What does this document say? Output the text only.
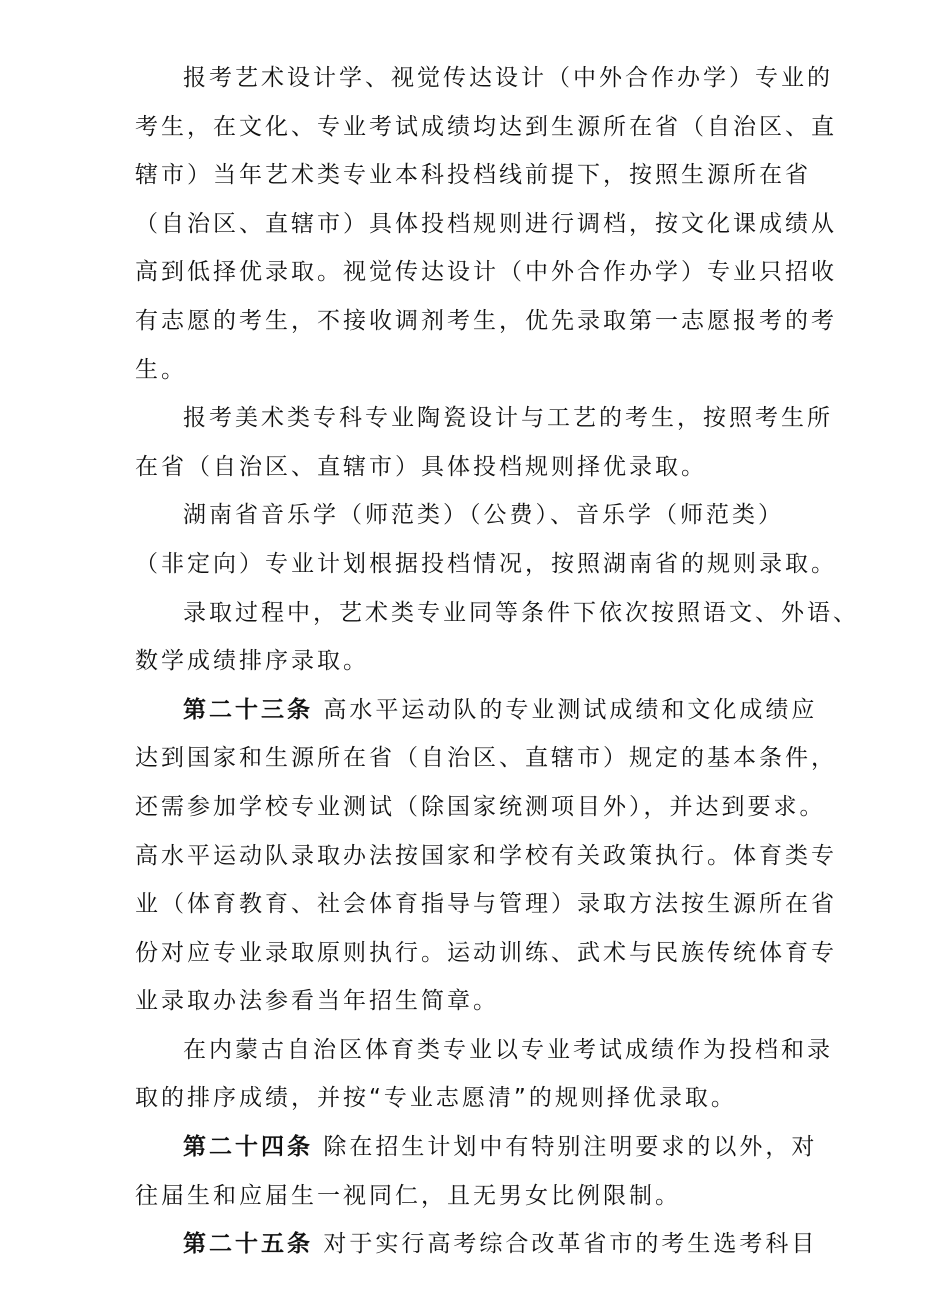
报考艺术设计学、视觉传达设计（中外合作办学）专业的
考生，在文化、专业考试成绩均达到生源所在省（自治区、直
辖市）当年艺术类专业本科投档线前提下，按照生源所在省
（自治区、直辖市）具体投档规则进行调档，按文化课成绩从
高到低择优录取。视觉传达设计（中外合作办学）专业只招收
有志愿的考生，不接收调剂考生，优先录取第一志愿报考的考
生。
报考美术类专科专业陶瓷设计与工艺的考生，按照考生所
在省（自治区、直辖市）具体投档规则择优录取。
湖南省音乐学（师范类）（公费）、音乐学（师范类）
（非定向）专业计划根据投档情况，按照湖南省的规则录取。
录取过程中，艺术类专业同等条件下依次按照语文、外语、
数学成绩排序录取。
第二十三条 高水平运动队的专业测试成绩和文化成绩应
达到国家和生源所在省（自治区、直辖市）规定的基本条件，
还需参加学校专业测试（除国家统测项目外），并达到要求。
高水平运动队录取办法按国家和学校有关政策执行。体育类专
业（体育教育、社会体育指导与管理）录取方法按生源所在省
份对应专业录取原则执行。运动训练、武术与民族传统体育专
业录取办法参看当年招生简章。
在内蒙古自治区体育类专业以专业考试成绩作为投档和录
取的排序成绩，并按“专业志愿清”的规则择优录取。
第二十四条 除在招生计划中有特别注明要求的以外，对
往届生和应届生一视同仁，且无男女比例限制。
第二十五条 对于实行高考综合改革省市的考生选考科目
